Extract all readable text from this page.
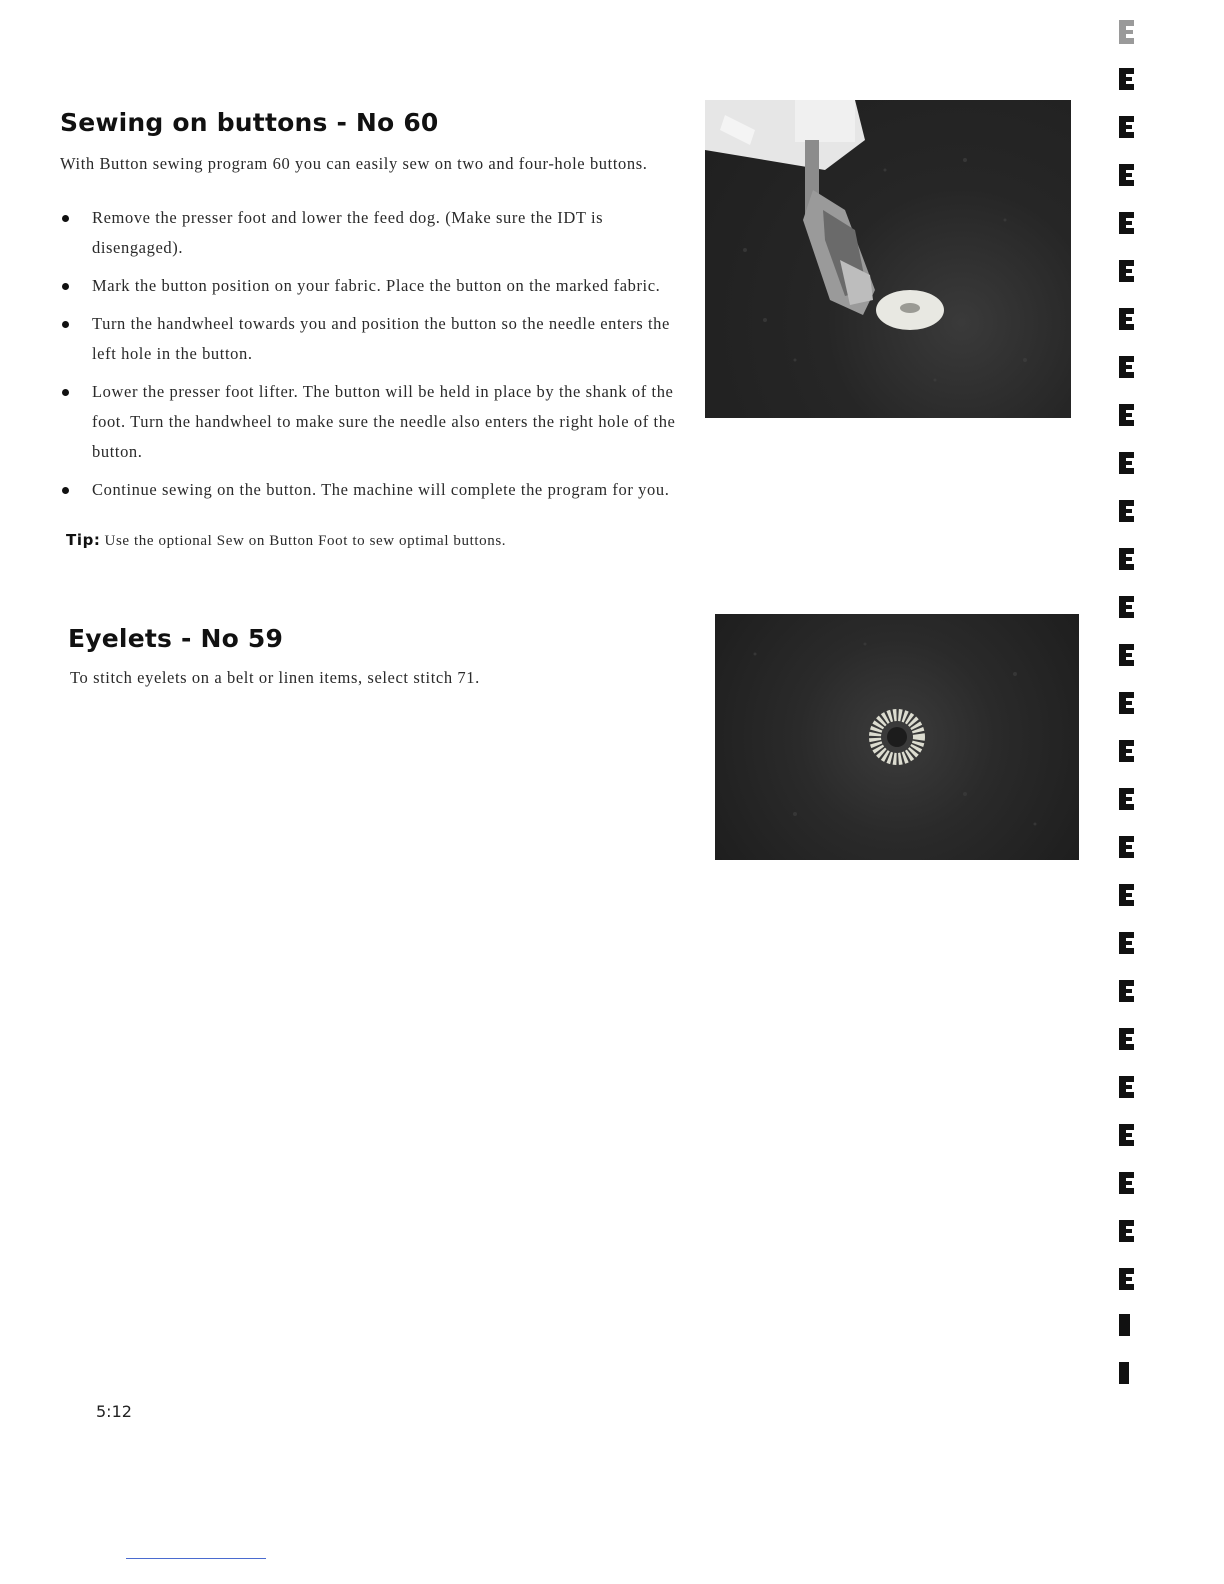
Sewing on buttons - No 60

With Button sewing program 60 you can easily sew on two and four-hole buttons.

Remove the presser foot and lower the feed dog. (Make sure the IDT is disengaged).
Mark the button position on your fabric. Place the button on the marked fabric.
Turn the handwheel towards you and position the button so the needle enters the left hole in the button.
Lower the presser foot lifter. The button will be held in place by the shank of the foot. Turn the handwheel to make sure the needle also enters the right hole of the button.
Continue sewing on the button. The machine will complete the program for you.

Tip: Use the optional Sew on Button Foot to sew optimal buttons.

Eyelets - No 59

To stitch eyelets on a belt or linen items, select stitch 71.

5:12
